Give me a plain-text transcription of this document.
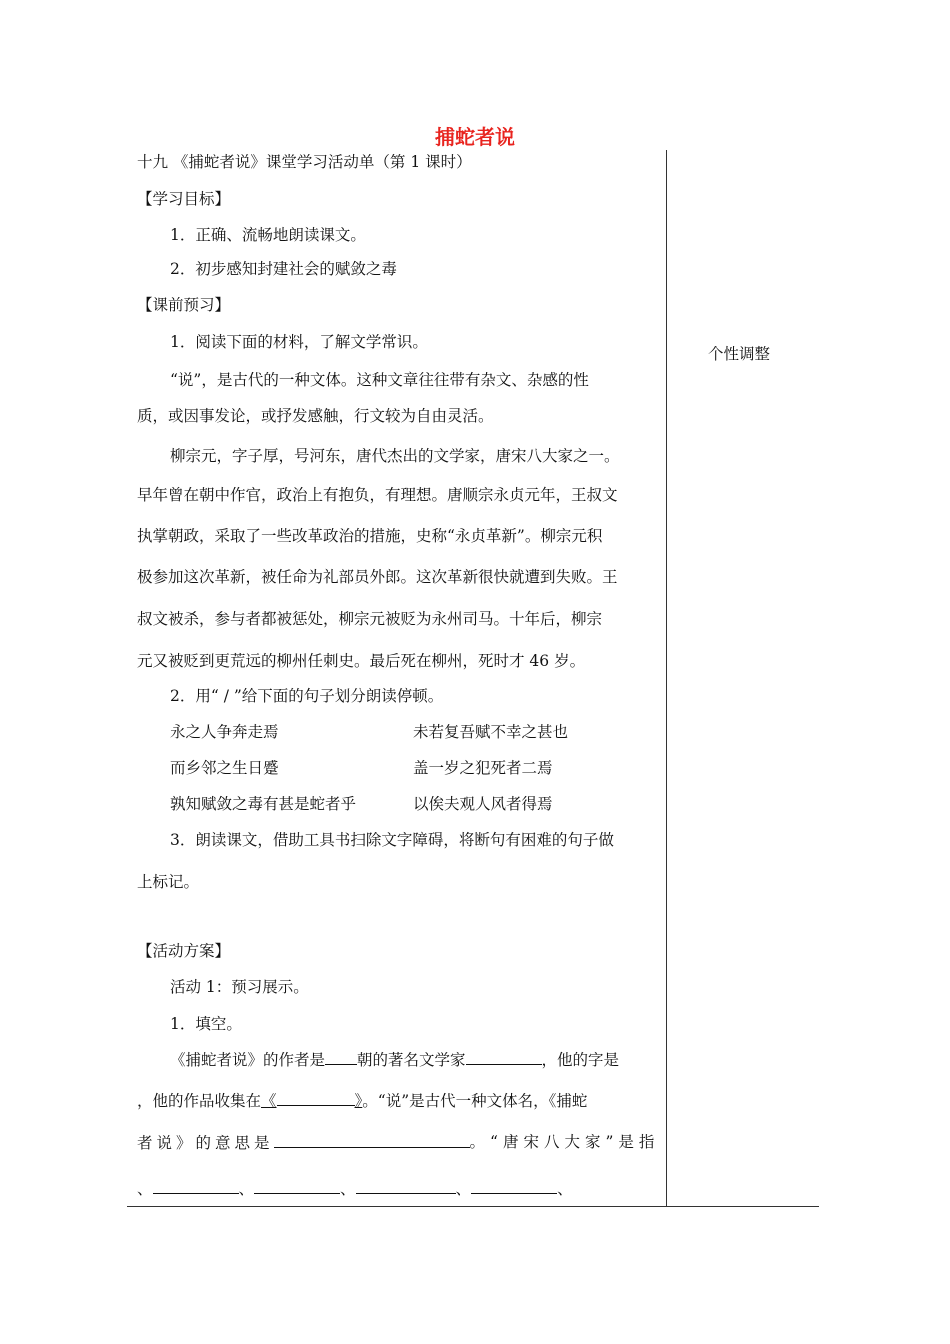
捕蛇者说
个性调整
十九 《捕蛇者说》课堂学习活动单（第 1 课时）
【学习目标】
1．正确、流畅地朗读课文。
2．初步感知封建社会的赋敛之毒
【课前预习】
1．阅读下面的材料，了解文学常识。
“说”，是古代的一种文体。这种文章往往带有杂文、杂感的性
质，或因事发论，或抒发感触，行文较为自由灵活。
柳宗元，字子厚，号河东，唐代杰出的文学家，唐宋八大家之一。
早年曾在朝中作官，政治上有抱负，有理想。唐顺宗永贞元年，王叔文
执掌朝政，采取了一些改革政治的措施，史称“永贞革新”。柳宗元积
极参加这次革新，被任命为礼部员外郎。这次革新很快就遭到失败。王
叔文被杀，参与者都被惩处，柳宗元被贬为永州司马。十年后，柳宗
元又被贬到更荒远的柳州任刺史。最后死在柳州，死时才 46 岁。
2．用“ / ”给下面的句子划分朗读停顿。
永之人争奔走焉	未若复吾赋不幸之甚也
而乡邻之生日蹙	盖一岁之犯死者二焉
孰知赋敛之毒有甚是蛇者乎	以俟夫观人风者得焉
3．朗读课文，借助工具书扫除文字障碍，将断句有困难的句子做
上标记。
【活动方案】
活动 1：预习展示。
1．填空。
《捕蛇者说》的作者是 朝的著名文学家	，他的字是
，他的作品收集在《	》。“说”是古代一种文体名，《捕蛇
者说》的意思是	。“唐宋八大家”是指
、	、	、	、	、
